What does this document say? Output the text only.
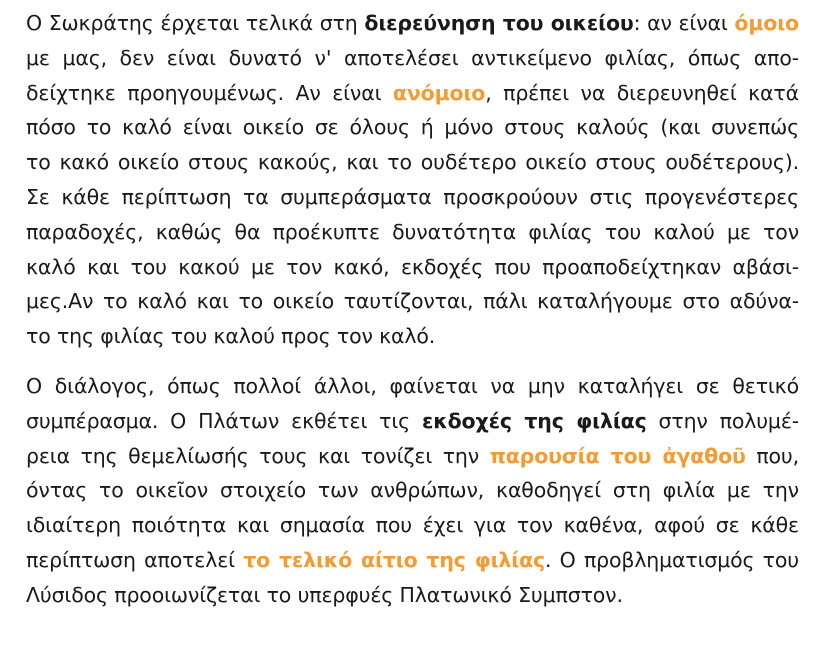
Ο Σωκράτης έρχεται τελικά στη διερεύνηση του οικείου: αν είναι όμοιο
με μας, δεν είναι δυνατό ν' αποτελέσει αντικείμενο φιλίας, όπως απο-
δείχτηκε προηγουμένως. Αν είναι ανόμοιο, πρέπει να διερευνηθεί κατά
πόσο το καλό είναι οικείο σε όλους ή μόνο στους καλούς (και συνεπώς
το κακό οικείο στους κακούς, και το ουδέτερο οικείο στους ουδέτερους).
Σε κάθε περίπτωση τα συμπεράσματα προσκρούουν στις προγενέστερες
παραδοχές, καθώς θα προέκυπτε δυνατότητα φιλίας του καλού με τον
καλό και του κακού με τον κακό, εκδοχές που προαποδείχτηκαν αβάσι-
μες.Αν το καλό και το οικείο ταυτίζονται, πάλι καταλήγουμε στο αδύνα-
το της φιλίας του καλού προς τον καλό.
Ο διάλογος, όπως πολλοί άλλοι, φαίνεται να μην καταλήγει σε θετικό
συμπέρασμα. Ο Πλάτων εκθέτει τις εκδοχές της φιλίας στην πολυμέ-
ρεια της θεμελίωσής τους και τονίζει την παρουσία του ἀγαθοῦ που,
όντας το οικεῖον στοιχείο των ανθρώπων, καθοδηγεί στη φιλία με την
ιδιαίτερη ποιότητα και σημασία που έχει για τον καθένα, αφού σε κάθε
περίπτωση αποτελεί το τελικό αίτιο της φιλίας. Ο προβληματισμός του
Λύσιδος προοιωνίζεται το υπερφυές Πλατωνικό Συμπστον.
